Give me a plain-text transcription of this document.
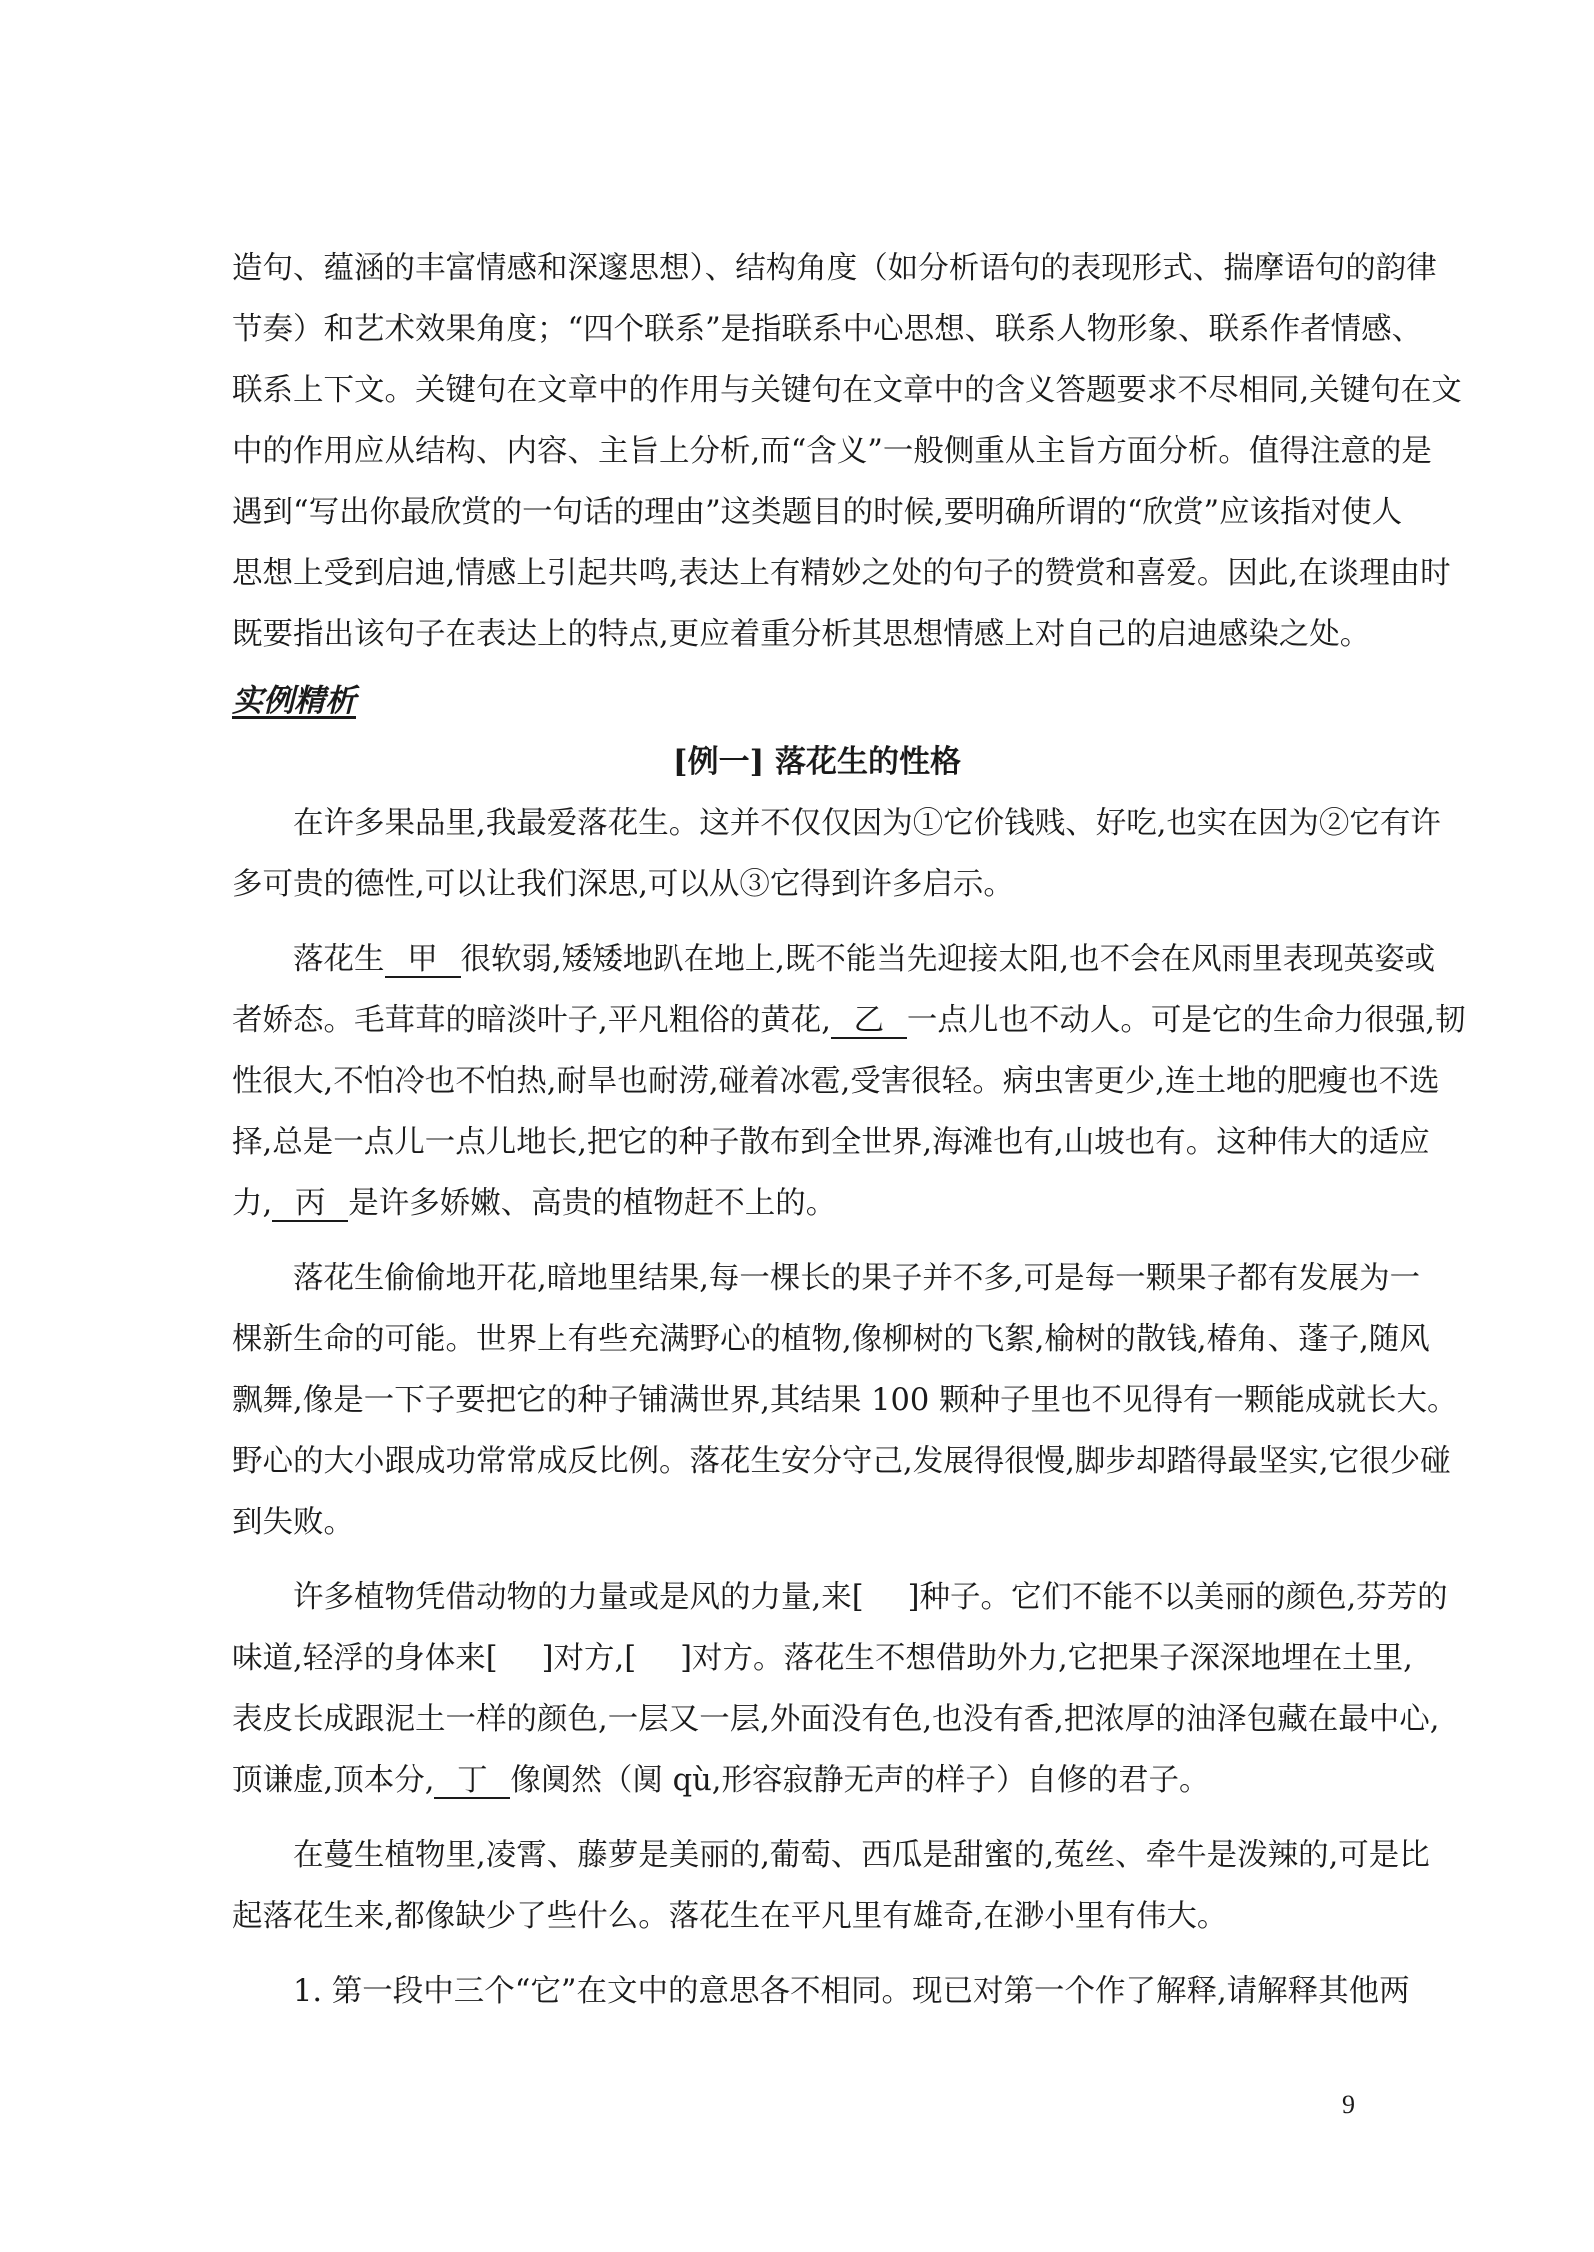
造句、蕴涵的丰富情感和深邃思想）、结构角度（如分析语句的表现形式、揣摩语句的韵律

节奏）和艺术效果角度；“四个联系”是指联系中心思想、联系人物形象、联系作者情感、

联系上下文。关键句在文章中的作用与关键句在文章中的含义答题要求不尽相同,关键句在文

中的作用应从结构、内容、主旨上分析,而“含义”一般侧重从主旨方面分析。值得注意的是

遇到“写出你最欣赏的一句话的理由”这类题目的时候,要明确所谓的“欣赏”应该指对使人

思想上受到启迪,情感上引起共鸣,表达上有精妙之处的句子的赞赏和喜爱。因此,在谈理由时

既要指出该句子在表达上的特点,更应着重分析其思想情感上对自己的启迪感染之处。

实例精析
[例一] 落花生的性格

在许多果品里,我最爱落花生。这并不仅仅因为①它价钱贱、好吃,也实在因为②它有许

多可贵的德性,可以让我们深思,可以从③它得到许多启示。

落花生 甲 很软弱,矮矮地趴在地上,既不能当先迎接太阳,也不会在风雨里表现英姿或

者娇态。毛茸茸的暗淡叶子,平凡粗俗的黄花, 乙 一点儿也不动人。可是它的生命力很强,韧

性很大,不怕冷也不怕热,耐旱也耐涝,碰着冰雹,受害很轻。病虫害更少,连土地的肥瘦也不选

择,总是一点儿一点儿地长,把它的种子散布到全世界,海滩也有,山坡也有。这种伟大的适应

力, 丙 是许多娇嫩、高贵的植物赶不上的。

落花生偷偷地开花,暗地里结果,每一棵长的果子并不多,可是每一颗果子都有发展为一

棵新生命的可能。世界上有些充满野心的植物,像柳树的飞絮,榆树的散钱,椿角、蓬子,随风

飘舞,像是一下子要把它的种子铺满世界,其结果 100 颗种子里也不见得有一颗能成就长大。

野心的大小跟成功常常成反比例。落花生安分守己,发展得很慢,脚步却踏得最坚实,它很少碰

到失败。

许多植物凭借动物的力量或是风的力量,来[ ]种子。它们不能不以美丽的颜色,芬芳的

味道,轻浮的身体来[ ]对方,[ ]对方。落花生不想借助外力,它把果子深深地埋在土里,

表皮长成跟泥土一样的颜色,一层又一层,外面没有色,也没有香,把浓厚的油泽包藏在最中心,

顶谦虚,顶本分, 丁 像阒然（阒 qù,形容寂静无声的样子）自修的君子。

在蔓生植物里,凌霄、藤萝是美丽的,葡萄、西瓜是甜蜜的,菟丝、牵牛是泼辣的,可是比

起落花生来,都像缺少了些什么。落花生在平凡里有雄奇,在渺小里有伟大。

1. 第一段中三个“它”在文中的意思各不相同。现已对第一个作了解释,请解释其他两

9
